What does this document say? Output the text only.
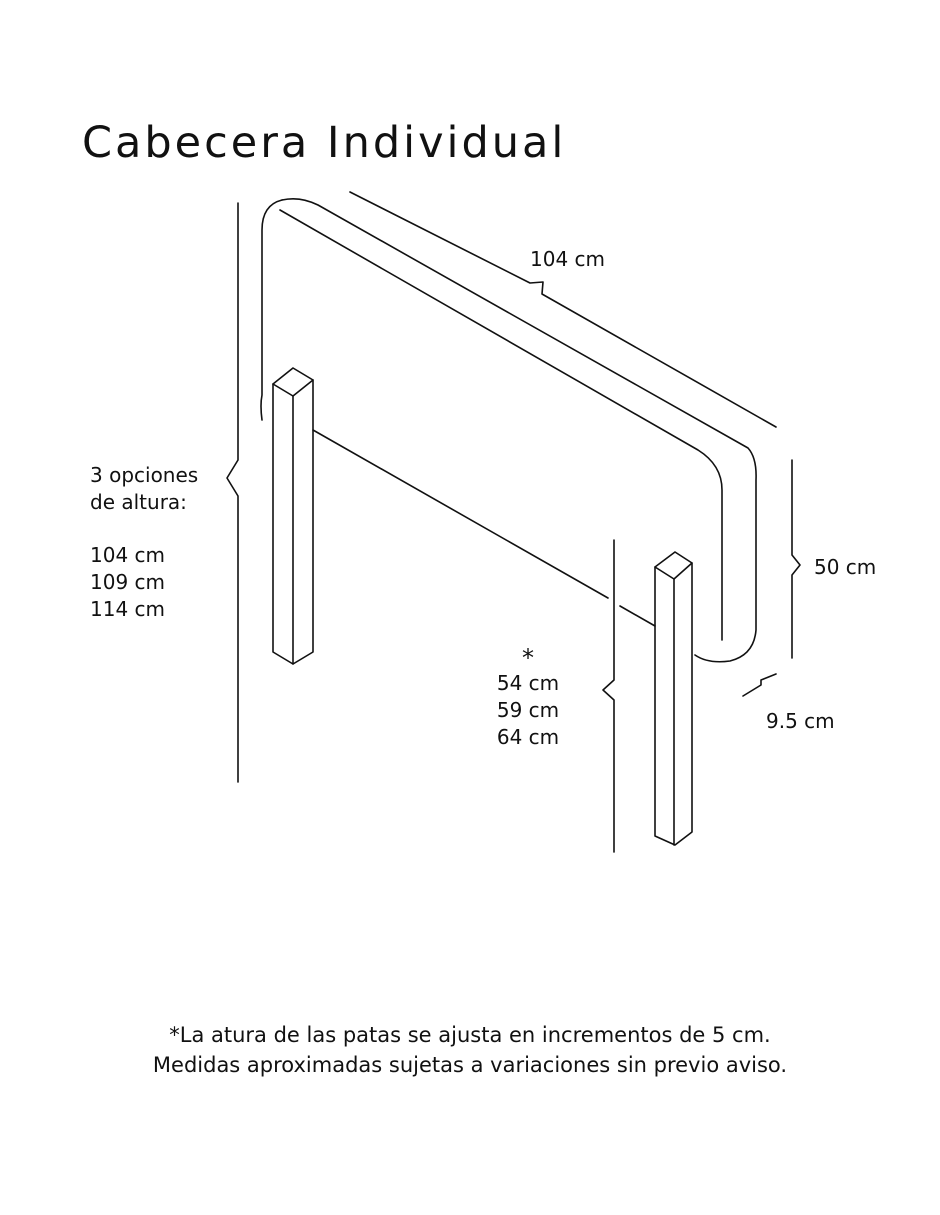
Cabecera Individual
104 cm
50 cm
9.5 cm
3 opciones
de altura:
104 cm
109 cm
114 cm
*
54 cm
59 cm
64 cm
*La atura de las patas se ajusta en incrementos de 5 cm.
Medidas aproximadas sujetas a variaciones sin previo aviso.
